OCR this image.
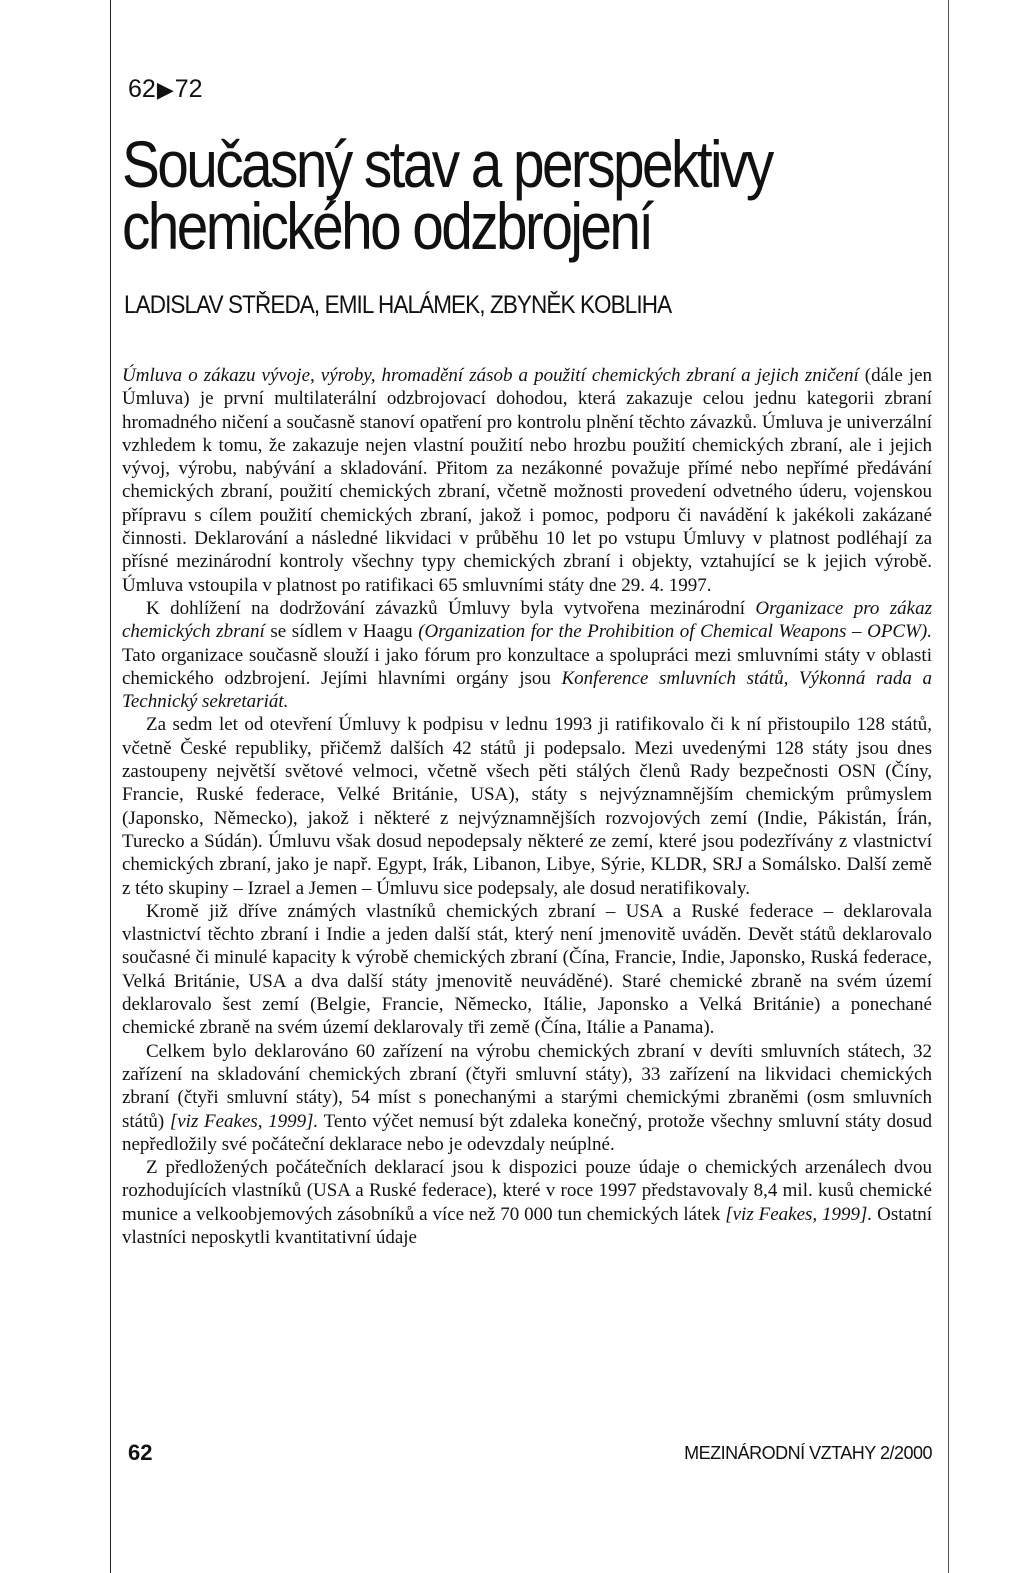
62▶72
Současný stav a perspektivy chemického odzbrojení
LADISLAV STŘEDA, EMIL HALÁMEK, ZBYNĚK KOBLIHA

Úmluva o zákazu vývoje, výroby, hromadění zásob a použití chemických zbraní a jejich zničení (dále jen Úmluva) je první multilaterální odzbrojovací dohodou, která zakazuje celou jednu kategorii zbraní hromadného ničení a současně stanoví opatření pro kontrolu plnění těchto závazků. Úmluva je univerzální vzhledem k tomu, že zakazuje nejen vlastní použití nebo hrozbu použití chemických zbraní, ale i jejich vývoj, výrobu, nabývání a skladování. Přitom za nezákonné považuje přímé nebo nepřímé předávání chemických zbraní, použití chemických zbraní, včetně možnosti provedení odvetného úderu, vojenskou přípravu s cílem použití chemických zbraní, jakož i pomoc, podporu či navádění k jakékoli zakázané činnosti. Deklarování a následné likvidaci v průběhu 10 let po vstupu Úmluvy v platnost podléhají za přísné mezinárodní kontroly všechny typy chemických zbraní i objekty, vztahující se k jejich výrobě. Úmluva vstoupila v platnost po ratifikaci 65 smluvními státy dne 29. 4. 1997.

K dohlížení na dodržování závazků Úmluvy byla vytvořena mezinárodní Organizace pro zákaz chemických zbraní se sídlem v Haagu (Organization for the Prohibition of Chemical Weapons – OPCW). Tato organizace současně slouží i jako fórum pro konzultace a spolupráci mezi smluvními státy v oblasti chemického odzbrojení. Jejími hlavními orgány jsou Konference smluvních států, Výkonná rada a Technický sekretariát.

Za sedm let od otevření Úmluvy k podpisu v lednu 1993 ji ratifikovalo či k ní přistoupilo 128 států, včetně České republiky, přičemž dalších 42 států ji podepsalo. Mezi uvedenými 128 státy jsou dnes zastoupeny největší světové velmoci, včetně všech pěti stálých členů Rady bezpečnosti OSN (Číny, Francie, Ruské federace, Velké Británie, USA), státy s nejvýznamnějším chemickým průmyslem (Japonsko, Německo), jakož i některé z nejvýznamnějších rozvojových zemí (Indie, Pákistán, Írán, Turecko a Súdán). Úmluvu však dosud nepodepsaly některé ze zemí, které jsou podezřívány z vlastnictví chemických zbraní, jako je např. Egypt, Irák, Libanon, Libye, Sýrie, KLDR, SRJ a Somálsko. Další země z této skupiny – Izrael a Jemen – Úmluvu sice podepsaly, ale dosud neratifikovaly.

Kromě již dříve známých vlastníků chemických zbraní – USA a Ruské federace – deklarovala vlastnictví těchto zbraní i Indie a jeden další stát, který není jmenovitě uváděn. Devět států deklarovalo současné či minulé kapacity k výrobě chemických zbraní (Čína, Francie, Indie, Japonsko, Ruská federace, Velká Británie, USA a dva další státy jmenovitě neuváděné). Staré chemické zbraně na svém území deklarovalo šest zemí (Belgie, Francie, Německo, Itálie, Japonsko a Velká Británie) a ponechané chemické zbraně na svém území deklarovaly tři země (Čína, Itálie a Panama).

Celkem bylo deklarováno 60 zařízení na výrobu chemických zbraní v devíti smluvních státech, 32 zařízení na skladování chemických zbraní (čtyři smluvní státy), 33 zařízení na likvidaci chemických zbraní (čtyři smluvní státy), 54 míst s ponechanými a starými chemickými zbraněmi (osm smluvních států) [viz Feakes, 1999]. Tento výčet nemusí být zdaleka konečný, protože všechny smluvní státy dosud nepředložily své počáteční deklarace nebo je odevzdaly neúplné.

Z předložených počátečních deklarací jsou k dispozici pouze údaje o chemických arzenálech dvou rozhodujících vlastníků (USA a Ruské federace), které v roce 1997 představovaly 8,4 mil. kusů chemické munice a velkoobjemových zásobníků a více než 70 000 tun chemických látek [viz Feakes, 1999]. Ostatní vlastníci neposkytli kvantitativní údaje

62	MEZINÁRODNÍ VZTAHY 2/2000
